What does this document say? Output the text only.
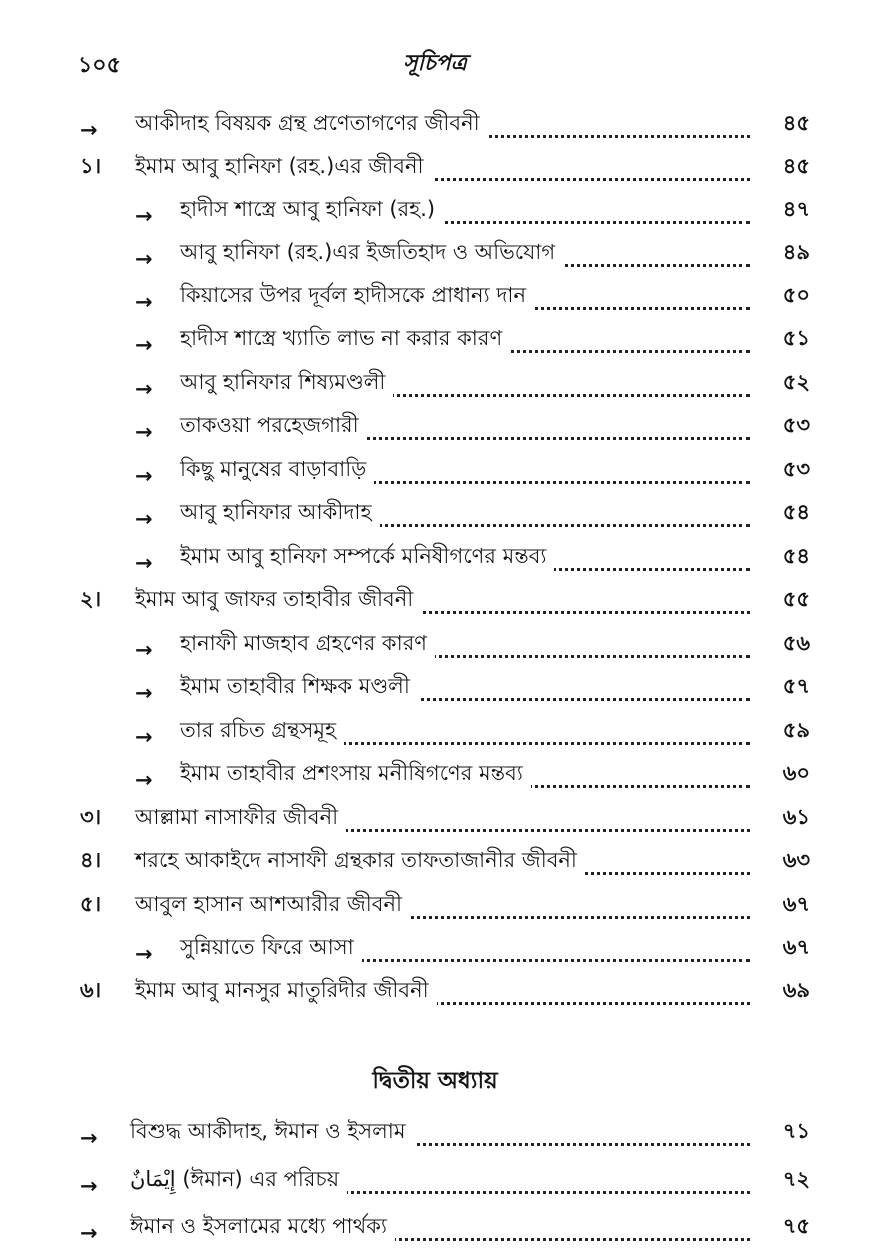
১০৫	সূচিপত্র
→ আকীদাহ বিষয়ক গ্রন্থ প্রণেতাগণের জীবনী	৪৫
১। ইমাম আবু হানিফা (রহ.)এর জীবনী	৪৫
→ হাদীস শাস্ত্রে আবু হানিফা (রহ.)	৪৭
→ আবু হানিফা (রহ.)এর ইজতিহাদ ও অভিযোগ	৪৯
→ কিয়াসের উপর দূর্বল হাদীসকে প্রাধান্য দান	৫০
→ হাদীস শাস্ত্রে খ্যাতি লাভ না করার কারণ	৫১
→ আবু হানিফার শিষ্যমণ্ডলী	৫২
→ তাকওয়া পরহেজগারী	৫৩
→ কিছু মানুষের বাড়াবাড়ি	৫৩
→ আবু হানিফার আকীদাহ	৫৪
→ ইমাম আবু হানিফা সম্পর্কে মনিষীগণের মন্তব্য	৫৪
২। ইমাম আবু জাফর তাহাবীর জীবনী	৫৫
→ হানাফী মাজহাব গ্রহণের কারণ	৫৬
→ ইমাম তাহাবীর শিক্ষক মণ্ডলী	৫৭
→ তার রচিত গ্রন্থসমূহ	৫৯
→ ইমাম তাহাবীর প্রশংসায় মনীষিগণের মন্তব্য	৬০
৩। আল্লামা নাসাফীর জীবনী	৬১
৪। শরহে আকাইদে নাসাফী গ্রন্থকার তাফতাজানীর জীবনী	৬৩
৫। আবুল হাসান আশআরীর জীবনী	৬৭
→ সুন্নিয়াতে ফিরে আসা	৬৭
৬। ইমাম আবু মানসুর মাতুরিদীর জীবনী	৬৯
দ্বিতীয় অধ্যায়
→ বিশুদ্ধ আকীদাহ, ঈমান ও ইসলাম	৭১
→ إِيْمَانٌ (ঈমান) এর পরিচয়	৭২
→ ঈমান ও ইসলামের মধ্যে পার্থক্য	৭৫
